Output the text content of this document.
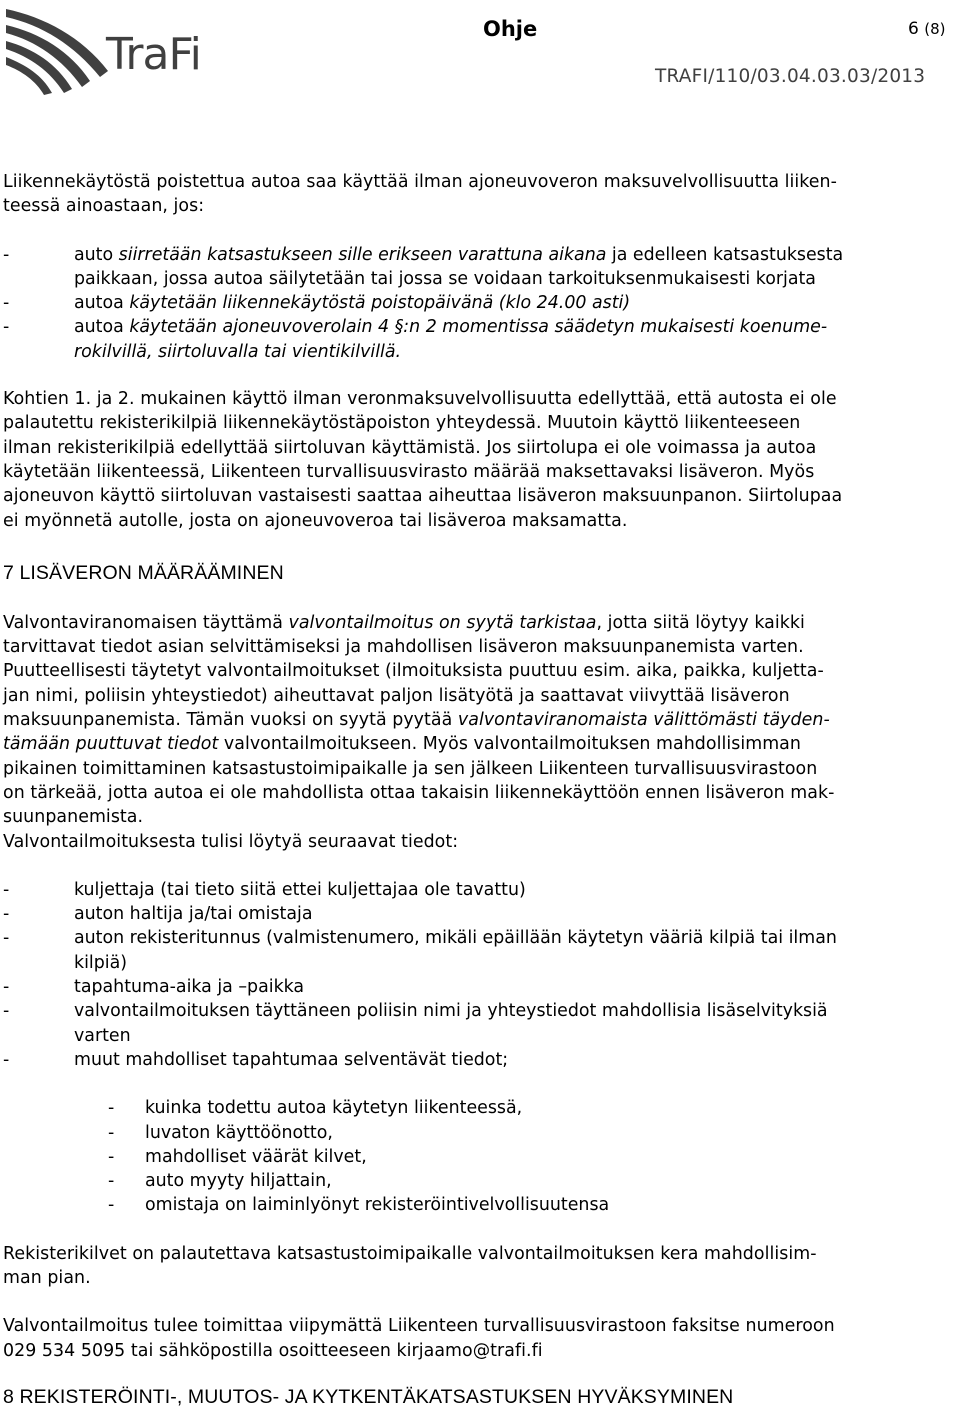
TraFi	Ohje	6 (8)
TRAFI/110/03.04.03.03/2013

Liikennekäytöstä poistettua autoa saa käyttää ilman ajoneuvoveron maksuvelvollisuutta liiken-
teessä ainoastaan, jos:

-	auto siirretään katsastukseen sille erikseen varattuna aikana ja edelleen katsastuksesta
paikkaan, jossa autoa säilytetään tai jossa se voidaan tarkoituksenmukaisesti korjata
-	autoa käytetään liikennekäytöstä poistopäivänä (klo 24.00 asti)
-	autoa käytetään ajoneuvoverolain 4 §:n 2 momentissa säädetyn mukaisesti koenume-
rokilvillä, siirtoluvalla tai vientikilvillä.

Kohtien 1. ja 2. mukainen käyttö ilman veronmaksuvelvollisuutta edellyttää, että autosta ei ole
palautettu rekisterikilpiä liikennekäytöstäpoiston yhteydessä. Muutoin käyttö liikenteeseen
ilman rekisterikilpiä edellyttää siirtoluvan käyttämistä. Jos siirtolupa ei ole voimassa ja autoa
käytetään liikenteessä, Liikenteen turvallisuusvirasto määrää maksettavaksi lisäveron. Myös
ajoneuvon käyttö siirtoluvan vastaisesti saattaa aiheuttaa lisäveron maksuunpanon. Siirtolupaa
ei myönnetä autolle, josta on ajoneuvoveroa tai lisäveroa maksamatta.

7 LISÄVERON MÄÄRÄÄMINEN

Valvontaviranomaisen täyttämä valvontailmoitus on syytä tarkistaa, jotta siitä löytyy kaikki
tarvittavat tiedot asian selvittämiseksi ja mahdollisen lisäveron maksuunpanemista varten.
Puutteellisesti täytetyt valvontailmoitukset (ilmoituksista puuttuu esim. aika, paikka, kuljetta-
jan nimi, poliisin yhteystiedot) aiheuttavat paljon lisätyötä ja saattavat viivyttää lisäveron
maksuunpanemista. Tämän vuoksi on syytä pyytää valvontaviranomaista välittömästi täyden-
tämään puuttuvat tiedot valvontailmoitukseen. Myös valvontailmoituksen mahdollisimman
pikainen toimittaminen katsastustoimipaikalle ja sen jälkeen Liikenteen turvallisuusvirastoon
on tärkeää, jotta autoa ei ole mahdollista ottaa takaisin liikennekäyttöön ennen lisäveron mak-
suunpanemista.
Valvontailmoituksesta tulisi löytyä seuraavat tiedot:

-	kuljettaja (tai tieto siitä ettei kuljettajaa ole tavattu)
-	auton haltija ja/tai omistaja
-	auton rekisteritunnus (valmistenumero, mikäli epäillään käytetyn vääriä kilpiä tai ilman
kilpiä)
-	tapahtuma-aika ja –paikka
-	valvontailmoituksen täyttäneen poliisin nimi ja yhteystiedot mahdollisia lisäselvityksiä
varten
-	muut mahdolliset tapahtumaa selventävät tiedot;
- kuinka todettu autoa käytetyn liikenteessä,
- luvaton käyttöönotto,
- mahdolliset väärät kilvet,
- auto myyty hiljattain,
- omistaja on laiminlyönyt rekisteröintivelvollisuutensa

Rekisterikilvet on palautettava katsastustoimipaikalle valvontailmoituksen kera mahdollisim-
man pian.

Valvontailmoitus tulee toimittaa viipymättä Liikenteen turvallisuusvirastoon faksitse numeroon
029 534 5095 tai sähköpostilla osoitteeseen kirjaamo@trafi.fi

8 REKISTERÖINTI-, MUUTOS- JA KYTKENTÄKATSASTUKSEN HYVÄKSYMINEN
